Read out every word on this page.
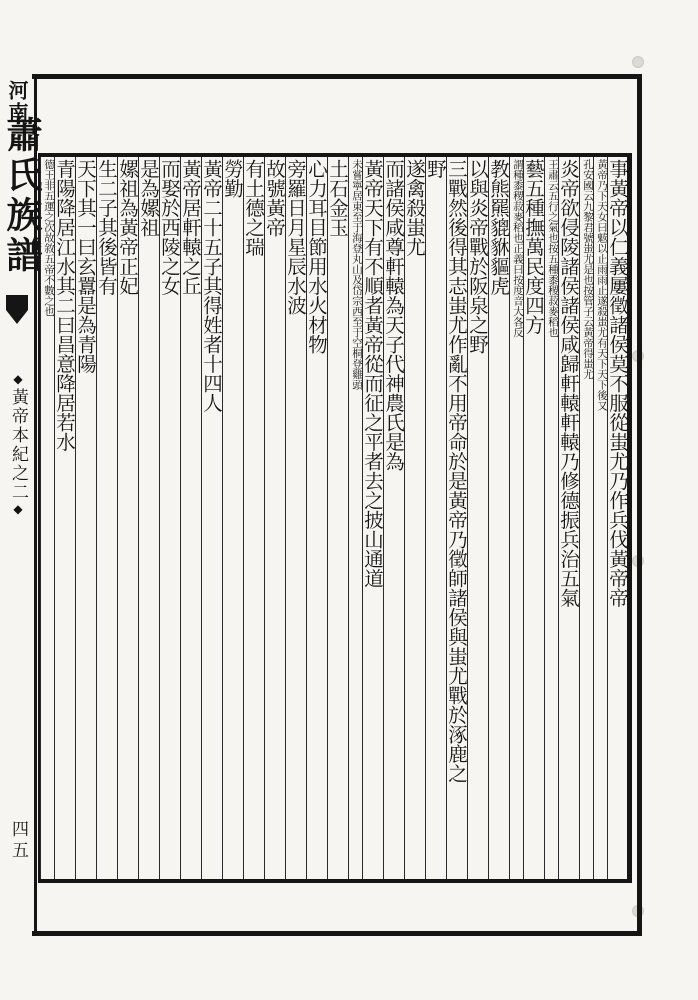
河南
蕭氏族譜
◆黃帝本紀之二◆
四五
事黃帝以仁義屢徵諸侯莫不服從蚩尤乃作兵伐黃帝帝
黃帝乃下天女曰魃以止雨雨止遂殺蚩尤有天下天下後又
孔安國云九黎君號蚩尤是也按管子云黃帝得蚩尤
炎帝欲侵陵諸侯諸侯咸歸軒轅軒轅乃修德振兵治五氣
王肅云五行之氣也按五種黍稷菽麥稻也
藝五種撫萬民度四方
謂種黍稷菽麥稻也正義曰按度音大各反
教熊羆貔貅貙虎
以與炎帝戰於阪泉之野
三戰然後得其志蚩尤作亂不用帝命於是黃帝乃徵師諸侯與蚩尤戰於涿鹿之
野
遂禽殺蚩尤
而諸侯咸尊軒轅為天子代神農氏是為
黃帝天下有不順者黃帝從而征之平者去之披山通道
未嘗寧居東至于海登丸山及岱宗西至于空桐登雞頭
土石金玉
心力耳目節用水火材物
旁羅日月星辰水波
故號黃帝
有土德之瑞
勞勤
黃帝二十五子其得姓者十四人
黃帝居軒轅之丘
而娶於西陵之女
是為嫘祖
嫘祖為黃帝正妃
生二子其後皆有
天下其一曰玄囂是為青陽
青陽降居江水其二曰昌意降居若水
德王非五運之次故敘五帝不數之也
